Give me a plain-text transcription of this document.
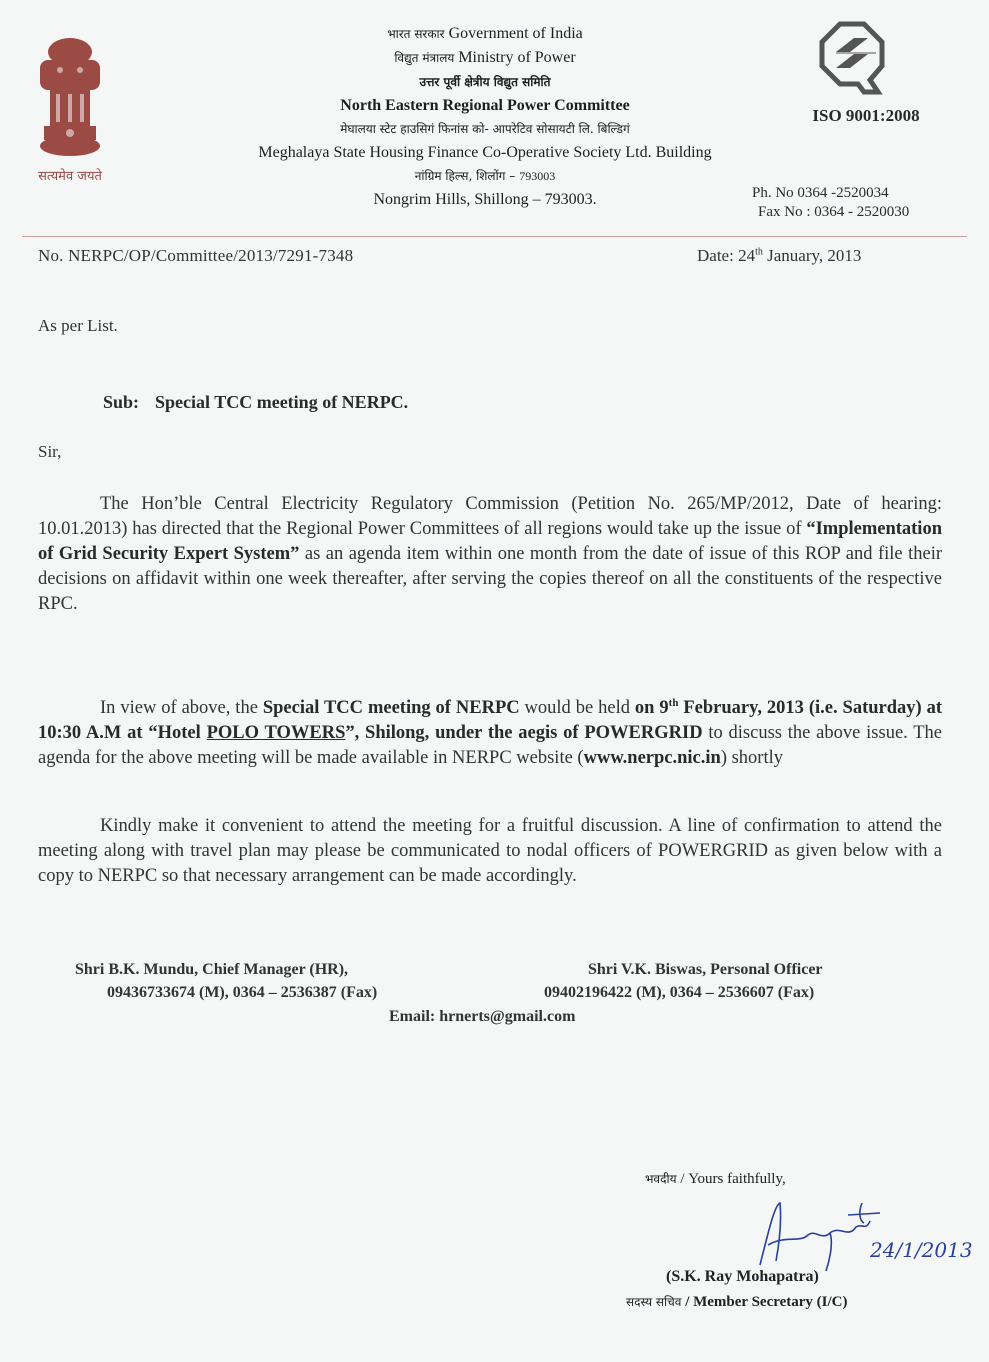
सत्यमेव जयते
भारत सरकार Government of India
विद्युत मंत्रालय Ministry of Power
उत्तर पूर्वी क्षेत्रीय विद्युत समिति
North Eastern Regional Power Committee
मेघालया स्टेट हाउसिगं फिनांस को- आपरेटिव सोसायटी लि. बिल्डिगं
Meghalaya State Housing Finance Co-Operative Society Ltd. Building
नांग्रिम हिल्स, शिलोंग – 793003
Nongrim Hills, Shillong – 793003.
ISO 9001:2008
Ph. No 0364 -2520034
Fax No : 0364 - 2520030
No. NERPC/OP/Committee/2013/7291-7348	Date: 24th January, 2013
As per List.
Sub: Special TCC meeting of NERPC.
Sir,
The Hon’ble Central Electricity Regulatory Commission (Petition No. 265/MP/2012, Date of hearing: 10.01.2013) has directed that the Regional Power Committees of all regions would take up the issue of “Implementation of Grid Security Expert System” as an agenda item within one month from the date of issue of this ROP and file their decisions on affidavit within one week thereafter, after serving the copies thereof on all the constituents of the respective RPC.
In view of above, the Special TCC meeting of NERPC would be held on 9th February, 2013 (i.e. Saturday) at 10:30 A.M at “Hotel POLO TOWERS”, Shilong, under the aegis of POWERGRID to discuss the above issue. The agenda for the above meeting will be made available in NERPC website (www.nerpc.nic.in) shortly
Kindly make it convenient to attend the meeting for a fruitful discussion. A line of confirmation to attend the meeting along with travel plan may please be communicated to nodal officers of POWERGRID as given below with a copy to NERPC so that necessary arrangement can be made accordingly.
Shri B.K. Mundu, Chief Manager (HR),
09436733674 (M), 0364 – 2536387 (Fax)
Shri V.K. Biswas, Personal Officer
09402196422 (M), 0364 – 2536607 (Fax)
Email: hrnerts@gmail.com
भवदीय / Yours faithfully,
24/1/2013
(S.K. Ray Mohapatra)
सदस्य सचिव / Member Secretary (I/C)
